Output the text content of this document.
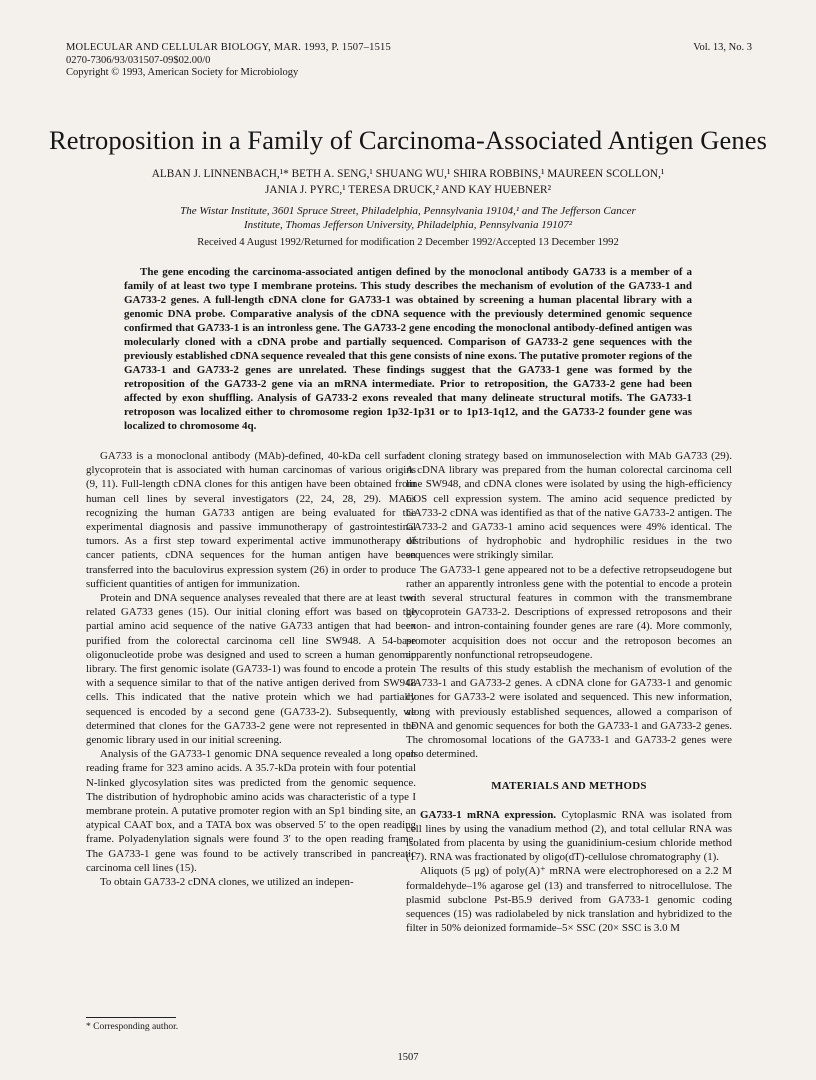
MOLECULAR AND CELLULAR BIOLOGY, MAR. 1993, P. 1507–1515
0270-7306/93/031507-09$02.00/0
Copyright © 1993, American Society for Microbiology
Vol. 13, No. 3
Retroposition in a Family of Carcinoma-Associated Antigen Genes
ALBAN J. LINNENBACH,¹* BETH A. SENG,¹ SHUANG WU,¹ SHIRA ROBBINS,¹ MAUREEN SCOLLON,¹
JANIA J. PYRC,¹ TERESA DRUCK,² AND KAY HUEBNER²
The Wistar Institute, 3601 Spruce Street, Philadelphia, Pennsylvania 19104,¹ and The Jefferson Cancer
Institute, Thomas Jefferson University, Philadelphia, Pennsylvania 19107²
Received 4 August 1992/Returned for modification 2 December 1992/Accepted 13 December 1992

The gene encoding the carcinoma-associated antigen defined by the monoclonal antibody GA733 is a member of a family of at least two type I membrane proteins. This study describes the mechanism of evolution of the GA733-1 and GA733-2 genes. A full-length cDNA clone for GA733-1 was obtained by screening a human placental library with a genomic DNA probe. Comparative analysis of the cDNA sequence with the previously determined genomic sequence confirmed that GA733-1 is an intronless gene. The GA733-2 gene encoding the monoclonal antibody-defined antigen was molecularly cloned with a cDNA probe and partially sequenced. Comparison of GA733-2 gene sequences with the previously established cDNA sequence revealed that this gene consists of nine exons. The putative promoter regions of the GA733-1 and GA733-2 genes are unrelated. These findings suggest that the GA733-1 gene was formed by the retroposition of the GA733-2 gene via an mRNA intermediate. Prior to retroposition, the GA733-2 gene had been affected by exon shuffling. Analysis of GA733-2 exons revealed that many delineate structural motifs. The GA733-1 retroposon was localized either to chromosome region 1p32-1p31 or to 1p13-1q12, and the GA733-2 founder gene was localized to chromosome 4q.

GA733 is a monoclonal antibody (MAb)-defined, 40-kDa cell surface glycoprotein that is associated with human carcinomas of various origins (9, 11). Full-length cDNA clones for this antigen have been obtained from human cell lines by several investigators (22, 24, 28, 29). MAbs recognizing the human GA733 antigen are being evaluated for the experimental diagnosis and passive immunotherapy of gastrointestinal tumors. As a first step toward experimental active immunotherapy of cancer patients, cDNA sequences for the human antigen have been transferred into the baculovirus expression system (26) in order to produce sufficient quantities of antigen for immunization.

Protein and DNA sequence analyses revealed that there are at least two related GA733 genes (15). Our initial cloning effort was based on the partial amino acid sequence of the native GA733 antigen that had been purified from the colorectal carcinoma cell line SW948. A 54-base oligonucleotide probe was designed and used to screen a human genomic library. The first genomic isolate (GA733-1) was found to encode a protein with a sequence similar to that of the native antigen derived from SW948 cells. This indicated that the native protein which we had partially sequenced is encoded by a second gene (GA733-2). Subsequently, we determined that clones for the GA733-2 gene were not represented in the genomic library used in our initial screening.

Analysis of the GA733-1 genomic DNA sequence revealed a long open reading frame for 323 amino acids. A 35.7-kDa protein with four potential N-linked glycosylation sites was predicted from the genomic sequence. The distribution of hydrophobic amino acids was characteristic of a type I membrane protein. A putative promoter region with an Sp1 binding site, an atypical CAAT box, and a TATA box was observed 5′ to the open reading frame. Polyadenylation signals were found 3′ to the open reading frame. The GA733-1 gene was found to be actively transcribed in pancreatic carcinoma cell lines (15).

To obtain GA733-2 cDNA clones, we utilized an indepen-

dent cloning strategy based on immunoselection with MAb GA733 (29). A cDNA library was prepared from the human colorectal carcinoma cell line SW948, and cDNA clones were isolated by using the high-efficiency COS cell expression system. The amino acid sequence predicted by GA733-2 cDNA was identified as that of the native GA733-2 antigen. The GA733-2 and GA733-1 amino acid sequences were 49% identical. The distributions of hydrophobic and hydrophilic residues in the two sequences were strikingly similar.

The GA733-1 gene appeared not to be a defective retropseudogene but rather an apparently intronless gene with the potential to encode a protein with several structural features in common with the transmembrane glycoprotein GA733-2. Descriptions of expressed retroposons and their exon- and intron-containing founder genes are rare (4). More commonly, promoter acquisition does not occur and the retroposon becomes an apparently nonfunctional retropseudogene.

The results of this study establish the mechanism of evolution of the GA733-1 and GA733-2 genes. A cDNA clone for GA733-1 and genomic clones for GA733-2 were isolated and sequenced. This new information, along with previously established sequences, allowed a comparison of cDNA and genomic sequences for both the GA733-1 and GA733-2 genes. The chromosomal locations of the GA733-1 and GA733-2 genes were also determined.

MATERIALS AND METHODS

GA733-1 mRNA expression. Cytoplasmic RNA was isolated from cell lines by using the vanadium method (2), and total cellular RNA was isolated from placenta by using the guanidinium-cesium chloride method (17). RNA was fractionated by oligo(dT)-cellulose chromatography (1).

Aliquots (5 μg) of poly(A)⁺ mRNA were electrophoresed on a 2.2 M formaldehyde–1% agarose gel (13) and transferred to nitrocellulose. The plasmid subclone Pst-B5.9 derived from GA733-1 genomic coding sequences (15) was radiolabeled by nick translation and hybridized to the filter in 50% deionized formamide–5× SSC (20× SSC is 3.0 M

* Corresponding author.
1507
